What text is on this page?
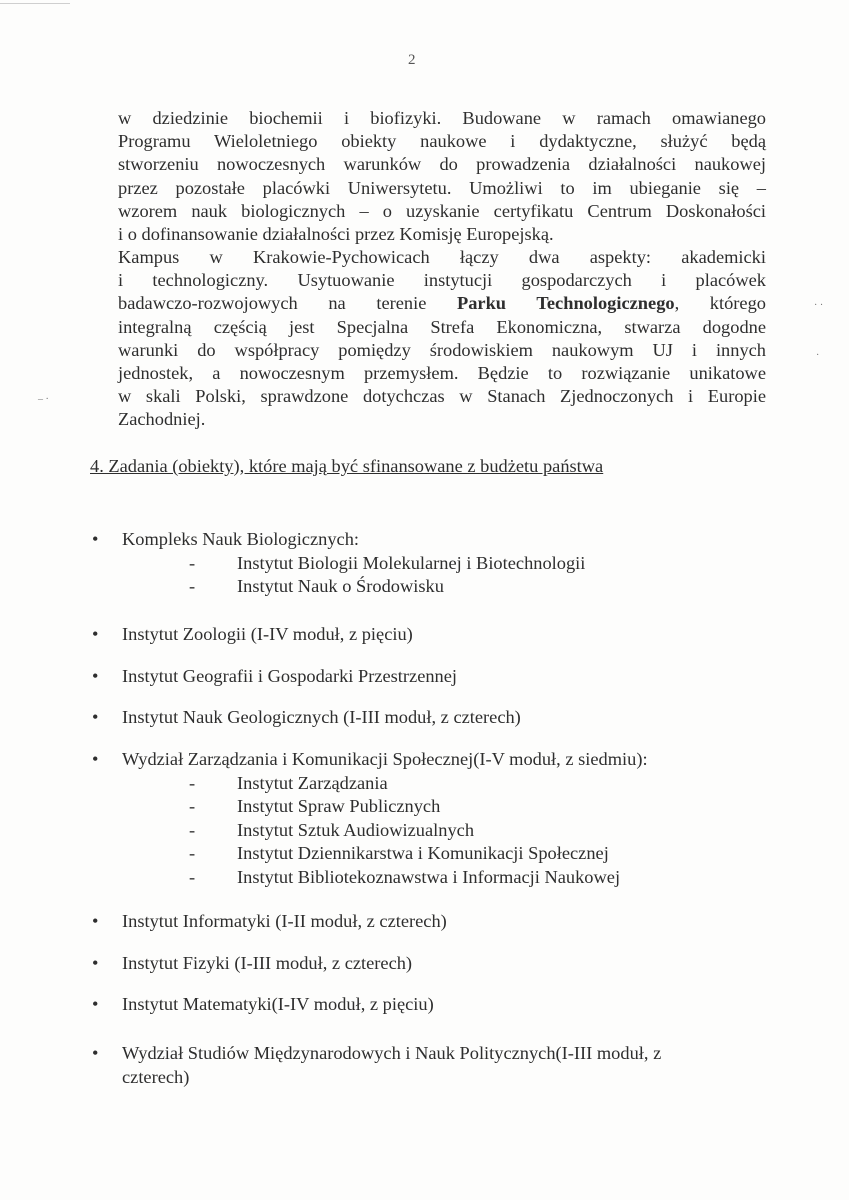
2
w dziedzinie biochemii i biofizyki. Budowane w ramach omawianego
Programu Wieloletniego obiekty naukowe i dydaktyczne, służyć będą
stworzeniu nowoczesnych warunków do prowadzenia działalności naukowej
przez pozostałe placówki Uniwersytetu. Umożliwi to im ubieganie się –
wzorem nauk biologicznych – o uzyskanie certyfikatu Centrum Doskonałości
i o dofinansowanie działalności przez Komisję Europejską.
Kampus w Krakowie-Pychowicach łączy dwa aspekty: akademicki
i technologiczny. Usytuowanie instytucji gospodarczych i placówek
badawczo-rozwojowych na terenie Parku Technologicznego, którego
integralną częścią jest Specjalna Strefa Ekonomiczna, stwarza dogodne
warunki do współpracy pomiędzy środowiskiem naukowym UJ i innych
jednostek, a nowoczesnym przemysłem. Będzie to rozwiązanie unikatowe
w skali Polski, sprawdzone dotychczas w Stanach Zjednoczonych i Europie
Zachodniej.
4. Zadania (obiekty), które mają być sfinansowane z budżetu państwa
•	Kompleks Nauk Biologicznych:
- Instytut Biologii Molekularnej i Biotechnologii
- Instytut Nauk o Środowisku
•	Instytut Zoologii (I-IV moduł, z pięciu)
•	Instytut Geografii i Gospodarki Przestrzennej
•	Instytut Nauk Geologicznych (I-III moduł, z czterech)
•	Wydział Zarządzania i Komunikacji Społecznej(I-V moduł, z siedmiu):
- Instytut Zarządzania
- Instytut Spraw Publicznych
- Instytut Sztuk Audiowizualnych
- Instytut Dziennikarstwa i Komunikacji Społecznej
- Instytut Bibliotekoznawstwa i Informacji Naukowej
•	Instytut Informatyki (I-II moduł, z czterech)
•	Instytut Fizyki (I-III moduł, z czterech)
•	Instytut Matematyki(I-IV moduł, z pięciu)
•	Wydział Studiów Międzynarodowych i Nauk Politycznych(I-III moduł, z
czterech)
· ·
·
– ·
